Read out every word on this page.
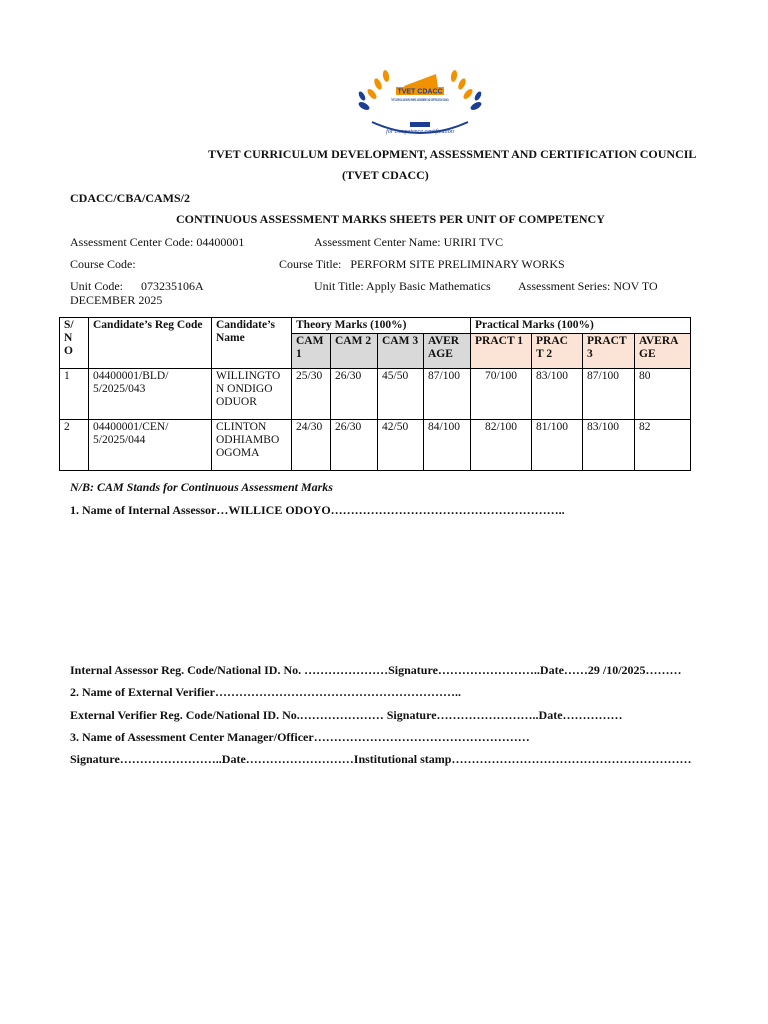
TVET CDACC
TVET CURRICULUM DEVELOPMENT, ASSESSMENT AND CERTIFICATION COUNCIL
for competence certification
TVET CURRICULUM DEVELOPMENT, ASSESSMENT AND CERTIFICATION COUNCIL
(TVET CDACC)
CDACC/CBA/CAMS/2
CONTINUOUS ASSESSMENT MARKS SHEETS PER UNIT OF COMPETENCY
Assessment Center Code: 04400001	Assessment Center Name: URIRI TVC
Course Code:	Course Title:   PERFORM SITE PRELIMINARY WORKS
Unit Code:      073235106A	Unit Title: Apply Basic Mathematics Assessment Series: NOV TO
DECEMBER 2025
S/ N O	Candidate’s Reg Code	Candidate’s Name	Theory Marks (100%)				Practical Marks (100%)			
			CAM 1	CAM 2	CAM 3	AVER AGE	PRACT 1	PRAC T 2	PRACT 3	AVERA GE
1	04400001/BLD/ 5/2025/043	WILLINGTO N ONDIGO ODUOR	25/30	26/30	45/50	87/100	70/100	83/100	87/100	80
2	04400001/CEN/ 5/2025/044	CLINTON ODHIAMBO OGOMA	24/30	26/30	42/50	84/100	82/100	81/100	83/100	82
N/B: CAM Stands for Continuous Assessment Marks
1. Name of Internal Assessor…WILLICE ODOYO…………………………………………………..
Internal Assessor Reg. Code/National ID. No. …………………Signature……………………..Date……29 /10/2025………
2. Name of External Verifier……………………………………………………..
External Verifier Reg. Code/National ID. No.………………… Signature……………………..Date……………
3. Name of Assessment Center Manager/Officer………………………………………………
Signature……………………..Date………………………Institutional stamp……………………………………………………
